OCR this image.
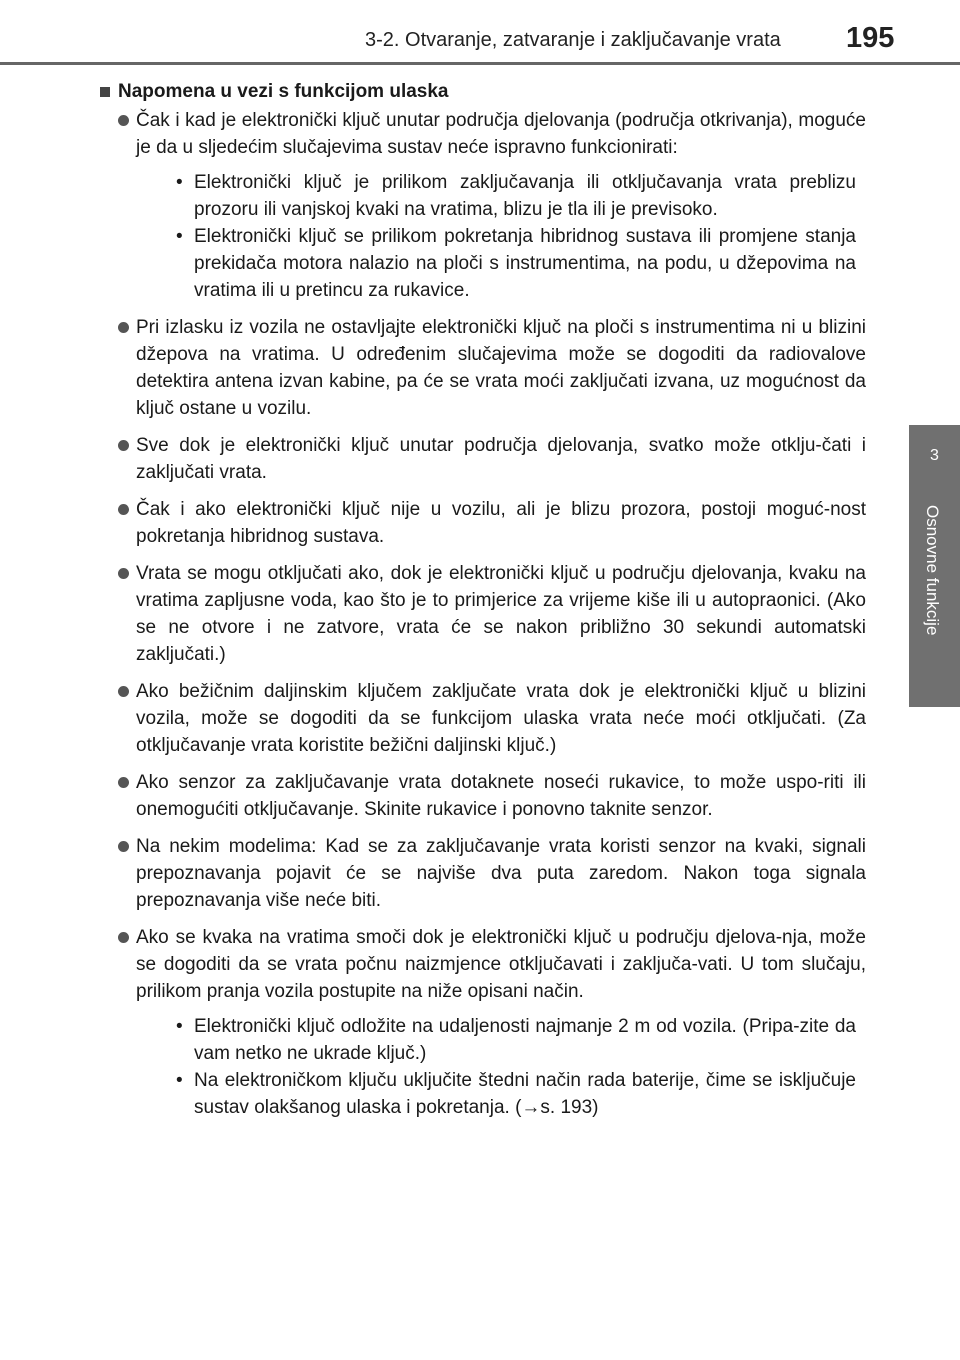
3-2. Otvaranje, zatvaranje i zaključavanje vrata 195
3
Osnovne funkcije
Napomena u vezi s funkcijom ulaska
Čak i kad je elektronički ključ unutar područja djelovanja (područja otkrivanja), moguće je da u sljedećim slučajevima sustav neće ispravno funkcionirati:
• Elektronički ključ je prilikom zaključavanja ili otključavanja vrata preblizu prozoru ili vanjskoj kvaki na vratima, blizu je tla ili je previsoko.
• Elektronički ključ se prilikom pokretanja hibridnog sustava ili promjene stanja prekidača motora nalazio na ploči s instrumentima, na podu, u džepovima na vratima ili u pretincu za rukavice.
Pri izlasku iz vozila ne ostavljajte elektronički ključ na ploči s instrumentima ni u blizini džepova na vratima. U određenim slučajevima može se dogoditi da radiovalove detektira antena izvan kabine, pa će se vrata moći zaključati izvana, uz mogućnost da ključ ostane u vozilu.
Sve dok je elektronički ključ unutar područja djelovanja, svatko može otklju-čati i zaključati vrata.
Čak i ako elektronički ključ nije u vozilu, ali je blizu prozora, postoji moguć-nost pokretanja hibridnog sustava.
Vrata se mogu otključati ako, dok je elektronički ključ u području djelovanja, kvaku na vratima zapljusne voda, kao što je to primjerice za vrijeme kiše ili u autopraonici. (Ako se ne otvore i ne zatvore, vrata će se nakon približno 30 sekundi automatski zaključati.)
Ako bežičnim daljinskim ključem zaključate vrata dok je elektronički ključ u blizini vozila, može se dogoditi da se funkcijom ulaska vrata neće moći otključati. (Za otključavanje vrata koristite bežični daljinski ključ.)
Ako senzor za zaključavanje vrata dotaknete noseći rukavice, to može uspo-riti ili onemogućiti otključavanje. Skinite rukavice i ponovno taknite senzor.
Na nekim modelima: Kad se za zaključavanje vrata koristi senzor na kvaki, signali prepoznavanja pojavit će se najviše dva puta zaredom. Nakon toga signala prepoznavanja više neće biti.
Ako se kvaka na vratima smoči dok je elektronički ključ u području djelova-nja, može se dogoditi da se vrata počnu naizmjence otključavati i zaključa-vati. U tom slučaju, prilikom pranja vozila postupite na niže opisani način.
• Elektronički ključ odložite na udaljenosti najmanje 2 m od vozila. (Pripa-zite da vam netko ne ukrade ključ.)
• Na elektroničkom ključu uključite štedni način rada baterije, čime se isključuje sustav olakšanog ulaska i pokretanja. (→s. 193)
